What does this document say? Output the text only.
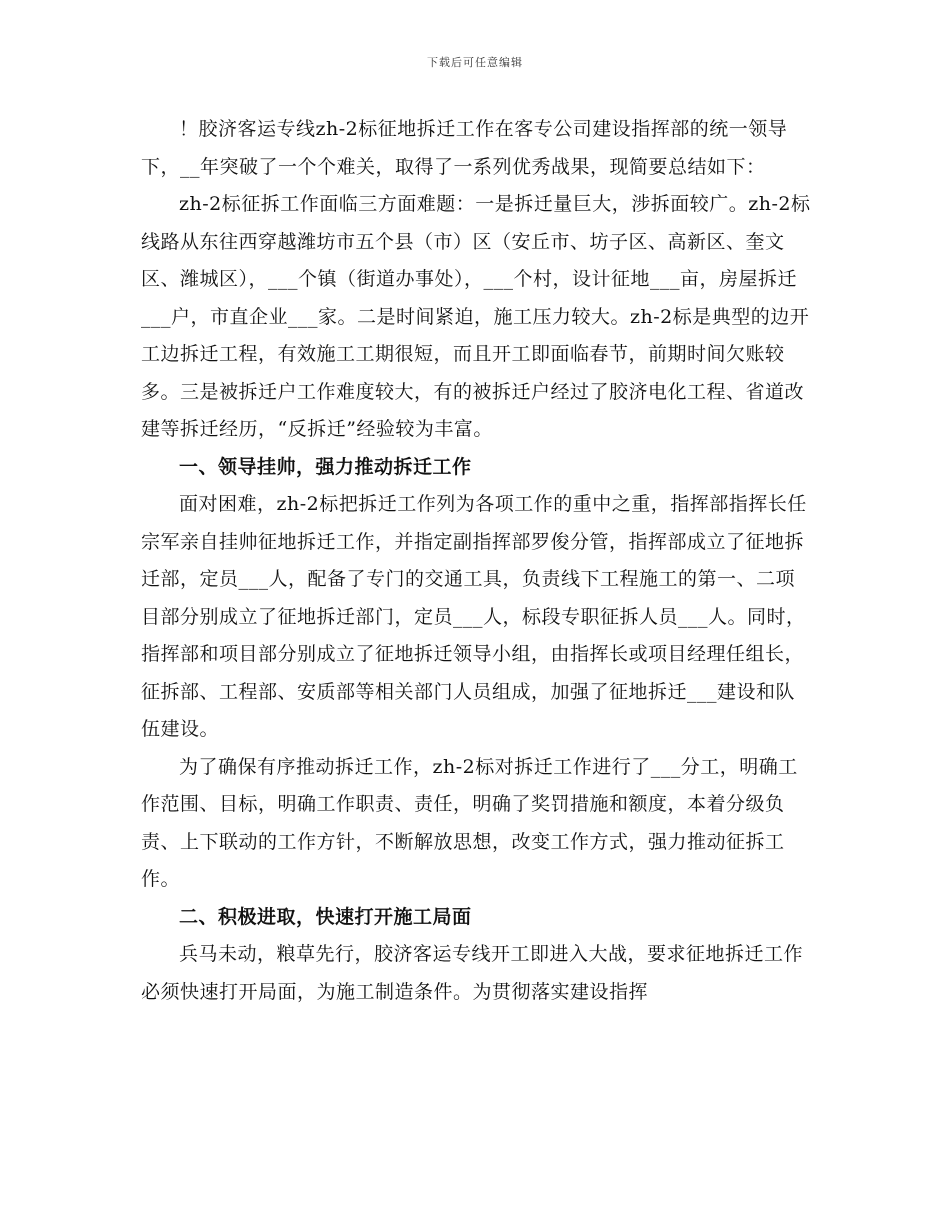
下载后可任意编辑

！胶济客运专线zh-2标征地拆迁工作在客专公司建设指挥部的统一领导下，__年突破了一个个难关，取得了一系列优秀战果，现简要总结如下：

zh-2标征拆工作面临三方面难题：一是拆迁量巨大，涉拆面较广。zh-2标线路从东往西穿越潍坊市五个县（市）区（安丘市、坊子区、高新区、奎文区、潍城区），___个镇（街道办事处），___个村，设计征地___亩，房屋拆迁___户，市直企业___家。二是时间紧迫，施工压力较大。zh-2标是典型的边开工边拆迁工程，有效施工工期很短，而且开工即面临春节，前期时间欠账较多。三是被拆迁户工作难度较大，有的被拆迁户经过了胶济电化工程、省道改建等拆迁经历，“反拆迁”经验较为丰富。

一、领导挂帅，强力推动拆迁工作

面对困难，zh-2标把拆迁工作列为各项工作的重中之重，指挥部指挥长任宗军亲自挂帅征地拆迁工作，并指定副指挥部罗俊分管，指挥部成立了征地拆迁部，定员___人，配备了专门的交通工具，负责线下工程施工的第一、二项目部分别成立了征地拆迁部门，定员___人，标段专职征拆人员___人。同时，指挥部和项目部分别成立了征地拆迁领导小组，由指挥长或项目经理任组长，征拆部、工程部、安质部等相关部门人员组成，加强了征地拆迁___建设和队伍建设。

为了确保有序推动拆迁工作，zh-2标对拆迁工作进行了___分工，明确工作范围、目标，明确工作职责、责任，明确了奖罚措施和额度，本着分级负责、上下联动的工作方针，不断解放思想，改变工作方式，强力推动征拆工作。

二、积极进取，快速打开施工局面

兵马未动，粮草先行，胶济客运专线开工即进入大战，要求征地拆迁工作必须快速打开局面，为施工制造条件。为贯彻落实建设指挥
